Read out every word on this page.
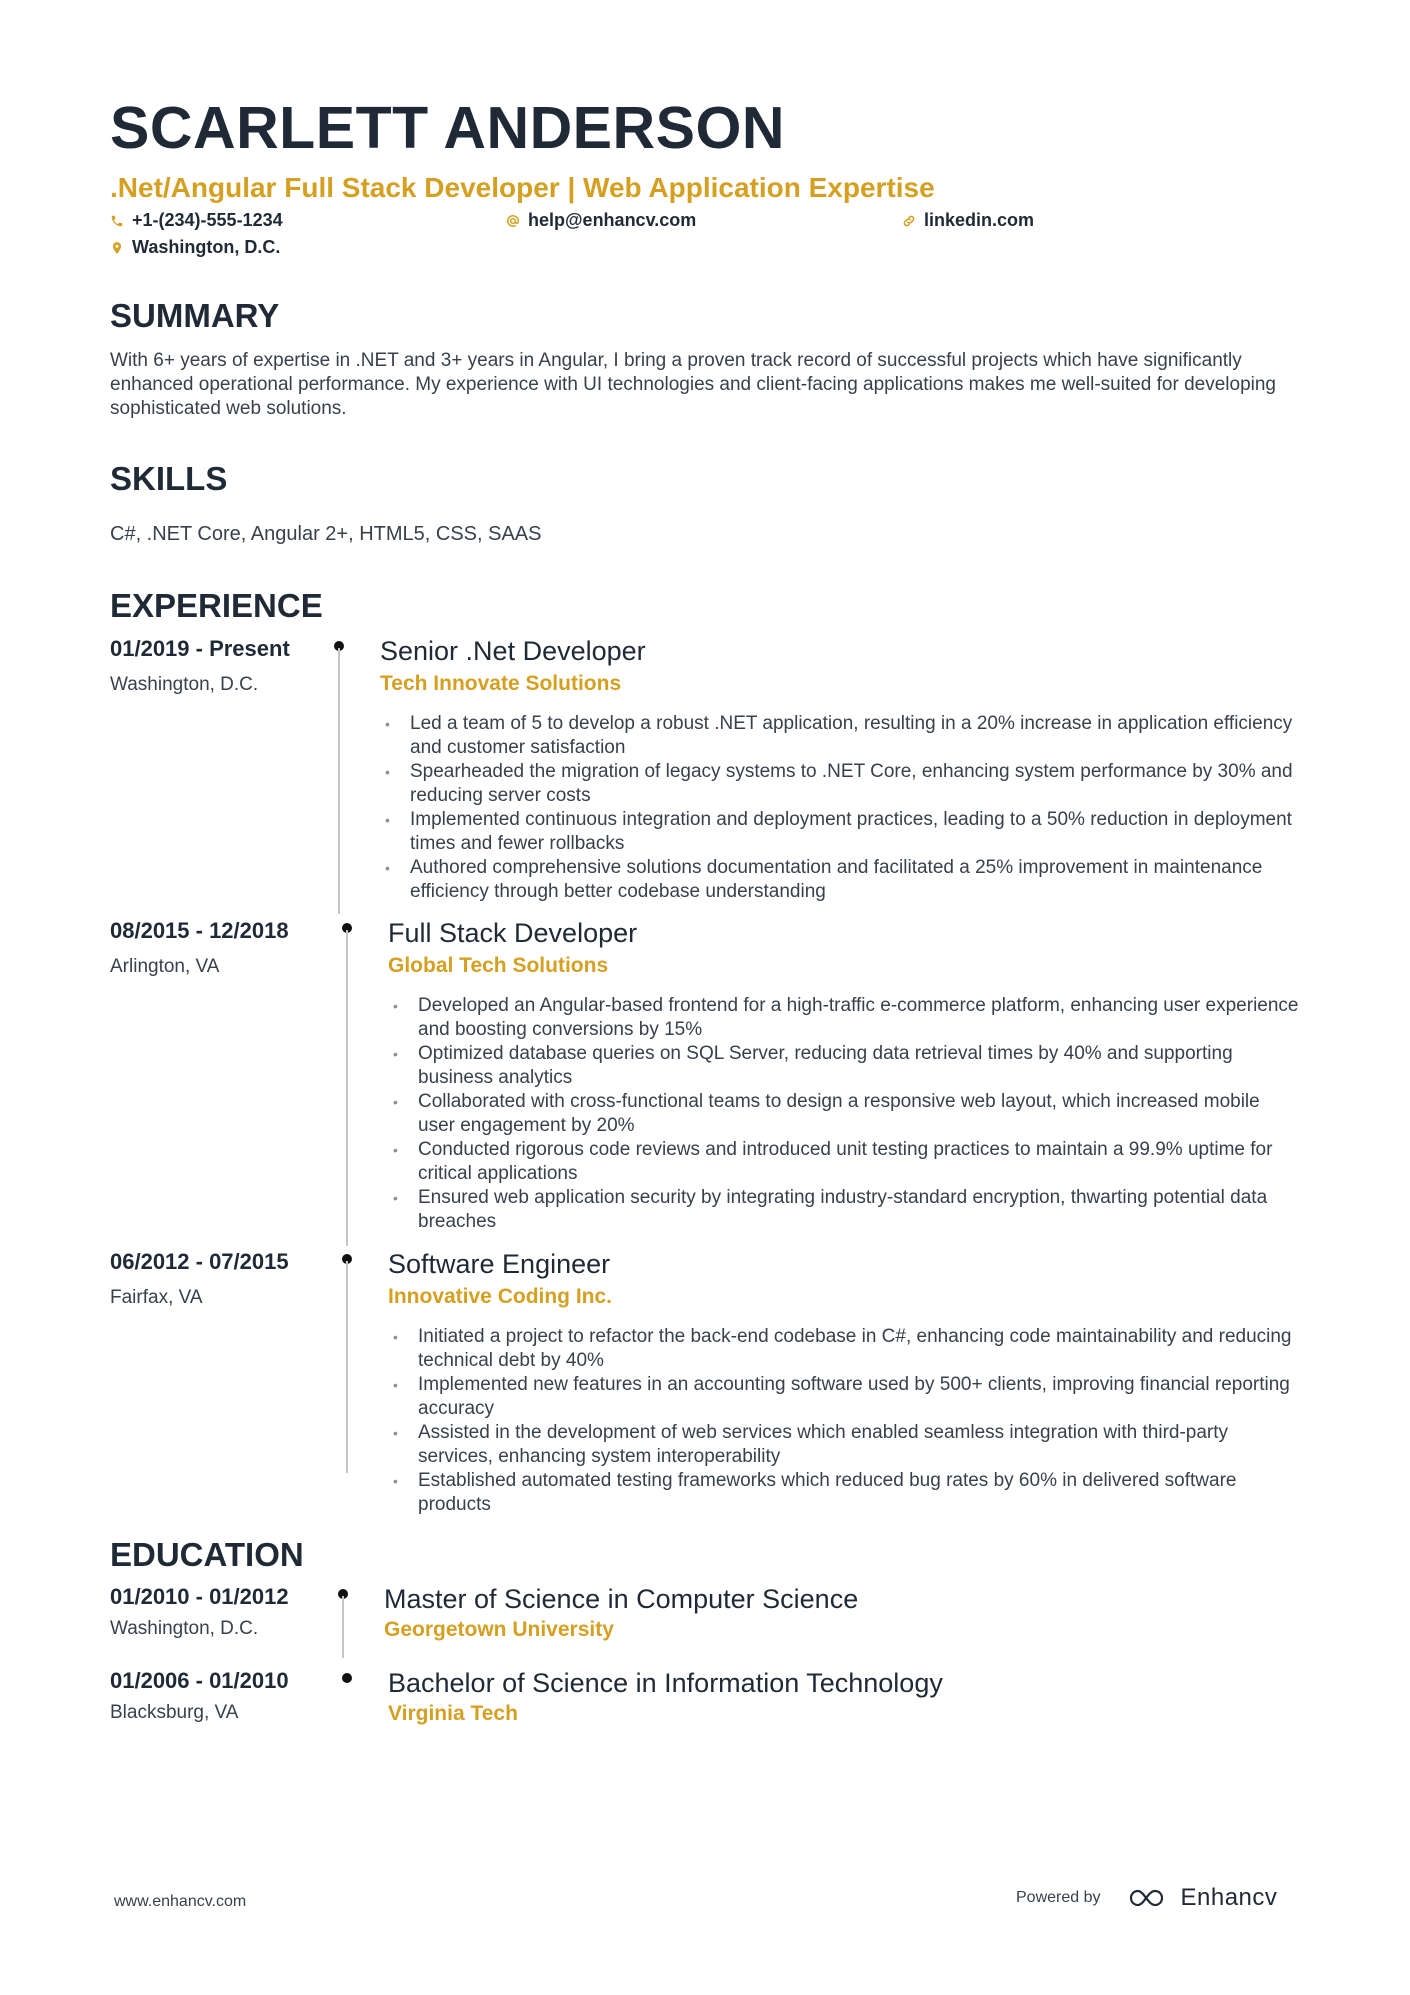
SCARLETT ANDERSON
.Net/Angular Full Stack Developer | Web Application Expertise
+1-(234)-555-1234	help@enhancv.com	linkedin.com
Washington, D.C.
SUMMARY

With 6+ years of expertise in .NET and 3+ years in Angular, I bring a proven track record of successful projects which have significantly enhanced operational performance. My experience with UI technologies and client-facing applications makes me well-suited for developing sophisticated web solutions.

SKILLS

C#, .NET Core, Angular 2+, HTML5, CSS, SAAS

EXPERIENCE
01/2019 - Present
Washington, D.C.
Senior .Net Developer
Tech Innovate Solutions
• Led a team of 5 to develop a robust .NET application, resulting in a 20% increase in application efficiency and customer satisfaction
• Spearheaded the migration of legacy systems to .NET Core, enhancing system performance by 30% and reducing server costs
• Implemented continuous integration and deployment practices, leading to a 50% reduction in deployment times and fewer rollbacks
• Authored comprehensive solutions documentation and facilitated a 25% improvement in maintenance efficiency through better codebase understanding
08/2015 - 12/2018
Arlington, VA
Full Stack Developer
Global Tech Solutions
• Developed an Angular-based frontend for a high-traffic e-commerce platform, enhancing user experience and boosting conversions by 15%
• Optimized database queries on SQL Server, reducing data retrieval times by 40% and supporting business analytics
• Collaborated with cross-functional teams to design a responsive web layout, which increased mobile user engagement by 20%
• Conducted rigorous code reviews and introduced unit testing practices to maintain a 99.9% uptime for critical applications
• Ensured web application security by integrating industry-standard encryption, thwarting potential data breaches
06/2012 - 07/2015
Fairfax, VA
Software Engineer
Innovative Coding Inc.
• Initiated a project to refactor the back-end codebase in C#, enhancing code maintainability and reducing technical debt by 40%
• Implemented new features in an accounting software used by 500+ clients, improving financial reporting accuracy
• Assisted in the development of web services which enabled seamless integration with third-party services, enhancing system interoperability
• Established automated testing frameworks which reduced bug rates by 60% in delivered software products
EDUCATION
01/2010 - 01/2012
Washington, D.C.
Master of Science in Computer Science
Georgetown University
01/2006 - 01/2010
Blacksburg, VA
Bachelor of Science in Information Technology
Virginia Tech
www.enhancv.com	Powered by	Enhancv
